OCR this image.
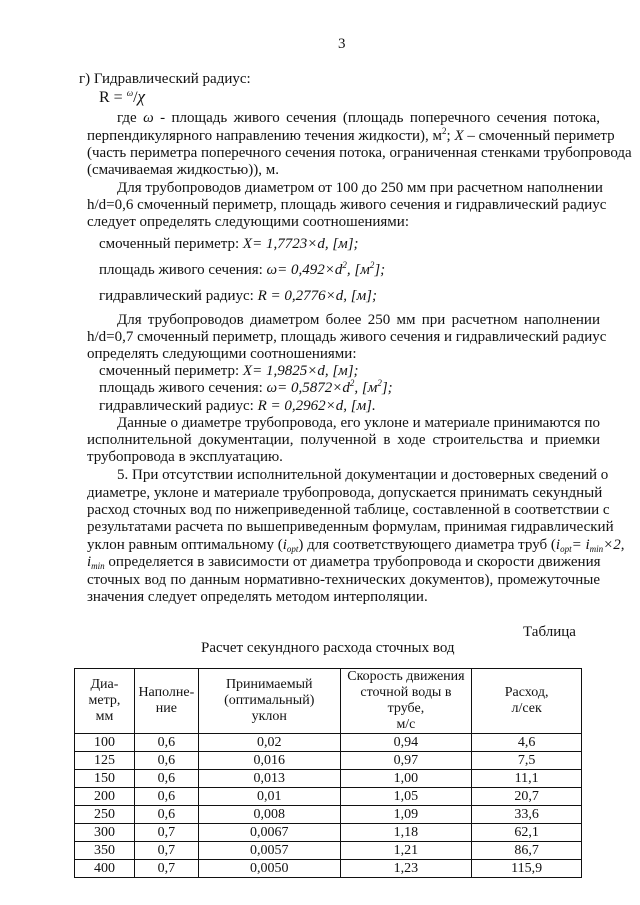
3
г) Гидравлический радиус:
R = $^\omega$/χ
где ω - площадь живого сечения (площадь поперечного сечения потока,
перпендикулярного направлению течения жидкости), $м^2$; X – смоченный периметр
(часть периметра поперечного сечения потока, ограниченная стенками трубопровода
(смачиваемая жидкостью)), м.
Для трубопроводов диаметром от 100 до 250 мм при расчетном наполнении
h/d=0,6 смоченный периметр, площадь живого сечения и гидравлический радиус
следует определять следующими соотношениями:
смоченный периметр: X= 1,7723×d, [м];
площадь живого сечения: $\omega= 0,492\times d^2$, $[м^2]$;
гидравлический радиус: R = 0,2776×d, [м];
Для трубопроводов диаметром более 250 мм при расчетном наполнении
h/d=0,7 смоченный периметр, площадь живого сечения и гидравлический радиус
определять следующими соотношениями:
смоченный периметр: X= 1,9825×d, [м];
площадь живого сечения: $\omega= 0,5872\times d^2$, $[м^2]$;
гидравлический радиус: R = 0,2962×d, [м].
Данные о диаметре трубопровода, его уклоне и материале принимаются по
исполнительной документации, полученной в ходе строительства и приемки
трубопровода в эксплуатацию.
5. При отсутствии исполнительной документации и достоверных сведений о
диаметре, уклоне и материале трубопровода, допускается принимать секундный
расход сточных вод по нижеприведенной таблице, составленной в соответствии с
результатами расчета по вышеприведенным формулам, принимая гидравлический
уклон равным оптимальному $(i_{opt})$ для соответствующего диаметра труб ($i_{opt}= i_{min}\times 2$,
$i_{min}$ определяется в зависимости от диаметра трубопровода и скорости движения
сточных вод по данным нормативно-технических документов), промежуточные
значения следует определять методом интерполяции.
Таблица
Расчет секундного расхода сточных вод
Диа-
метр,
мм	Наполне-
ние	Принимаемый
(оптимальный)
уклон	Скорость движения
сточной воды в трубе,
м/с	Расход,
л/сек
100	0,6	0,02	0,94	4,6
125	0,6	0,016	0,97	7,5
150	0,6	0,013	1,00	11,1
200	0,6	0,01	1,05	20,7
250	0,6	0,008	1,09	33,6
300	0,7	0,0067	1,18	62,1
350	0,7	0,0057	1,21	86,7
400	0,7	0,0050	1,23	115,9
